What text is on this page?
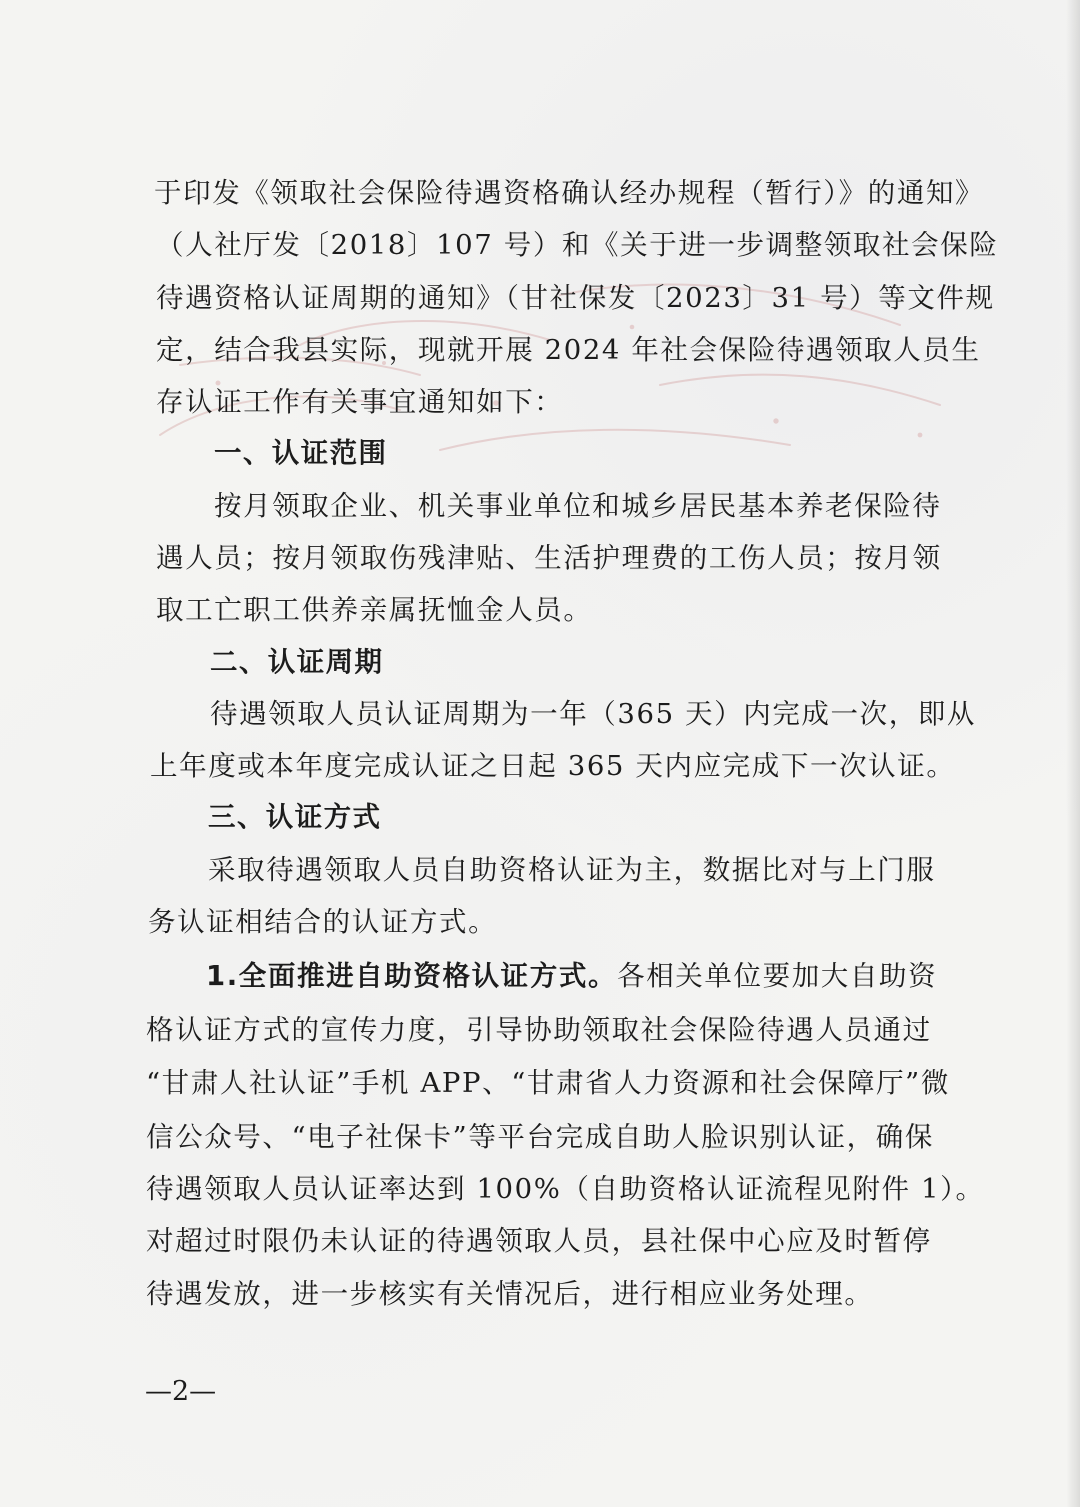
于印发《领取社会保险待遇资格确认经办规程（暂行）》的通知》
（人社厅发〔2018〕107 号）和《关于进一步调整领取社会保险
待遇资格认证周期的通知》（甘社保发〔2023〕31 号）等文件规
定，结合我县实际，现就开展 2024 年社会保险待遇领取人员生
存认证工作有关事宜通知如下：
一、认证范围
按月领取企业、机关事业单位和城乡居民基本养老保险待
遇人员；按月领取伤残津贴、生活护理费的工伤人员；按月领
取工亡职工供养亲属抚恤金人员。
二、认证周期
待遇领取人员认证周期为一年（365 天）内完成一次，即从
上年度或本年度完成认证之日起 365 天内应完成下一次认证。
三、认证方式
采取待遇领取人员自助资格认证为主，数据比对与上门服
务认证相结合的认证方式。
1.全面推进自助资格认证方式。各相关单位要加大自助资
格认证方式的宣传力度，引导协助领取社会保险待遇人员通过
“甘肃人社认证”手机 APP、“甘肃省人力资源和社会保障厅”微
信公众号、“电子社保卡”等平台完成自助人脸识别认证，确保
待遇领取人员认证率达到 100%（自助资格认证流程见附件 1）。
对超过时限仍未认证的待遇领取人员，县社保中心应及时暂停
待遇发放，进一步核实有关情况后，进行相应业务处理。
—2—
